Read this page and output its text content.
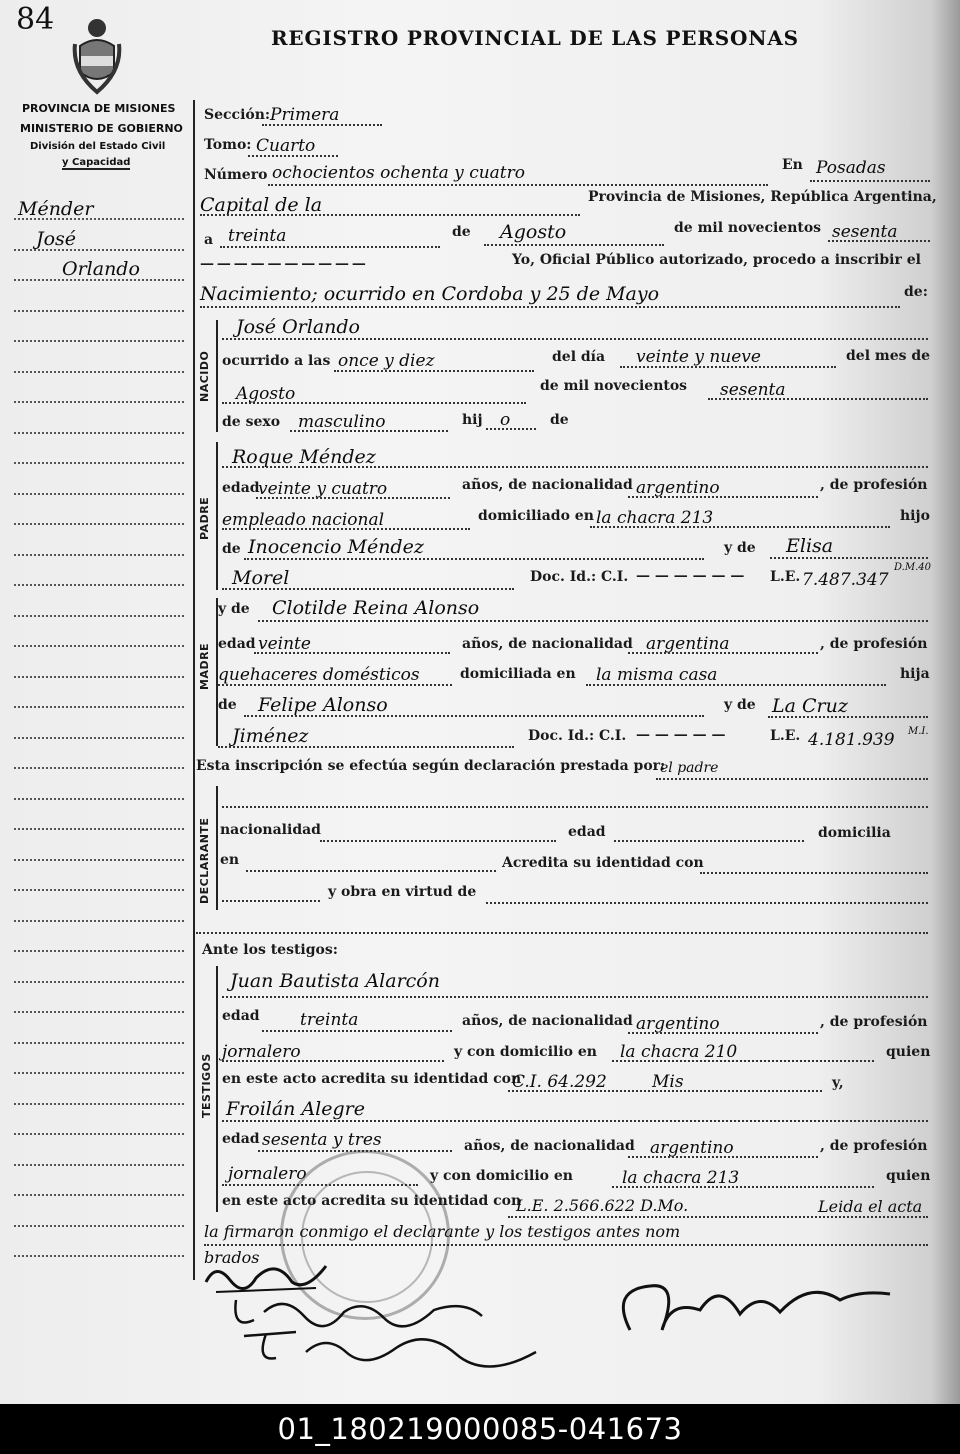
84
REGISTRO PROVINCIAL DE LAS PERSONAS
PROVINCIA DE MISIONES
MINISTERIO DE GOBIERNO
División del Estado Civil
y Capacidad
Ménder
José
Orlando
Sección: Primera
Tomo: Cuarto
Número ochocientos ochenta y cuatro	En Posadas
Capital de la	Provincia de Misiones, República Argentina,
a treinta	de Agosto	de mil novecientos sesenta
— — — — — — — — — —	Yo, Oficial Público autorizado, procedo a inscribir el
Nacimiento; ocurrido en Cordoba y 25 de Mayo	de:
NACIDO
José Orlando
ocurrido a las once y diez	del día veinte y nueve	del mes de
Agosto	de mil novecientos sesenta
de sexo masculino	hij o	de
PADRE
Roque Méndez
edad
veinte y cuatro	años, de nacionalidad argentino	, de profesión
empleado nacional	domiciliado en la chacra 213	hijo
de Inocencio Méndez	y de Elisa
Morel	Doc. Id.: C.I. — — — — — — L.E. 7.487.347
D.M.40
MADRE
y de Clotilde Reina Alonso
edad veinte	años, de nacionalidad argentina	, de profesión
quehaceres domésticos	domiciliada en la misma casa	hija
de Felipe Alonso	y de La Cruz
Jiménez	Doc. Id.: C.I. — — — — —	L.E. 4.181.939 M.I.
Esta inscripción se efectúa según declaración prestada por:
el padre
DECLARANTE nacionalidad	edad	domicilia
en	Acredita su identidad con
y obra en virtud de
Ante los testigos:
TESTIGOS
Juan Bautista Alarcón
edad treinta	años, de nacionalidad argentino	, de profesión
jornalero	y con domicilio en la chacra 210	quien
en este acto acredita su identidad con
C.I. 64.292	Mis	y,
Froilán Alegre
edad sesenta y tres	años, de nacionalidad argentino	, de profesión
jornalero	y con domicilio en	la chacra 213	quien
en este acto acredita su identidad con
L.E. 2.566.622 D.Mo.	Leida el acta
la firmaron conmigo el declarante y los testigos antes nom
brados
01_180219000085-041673
